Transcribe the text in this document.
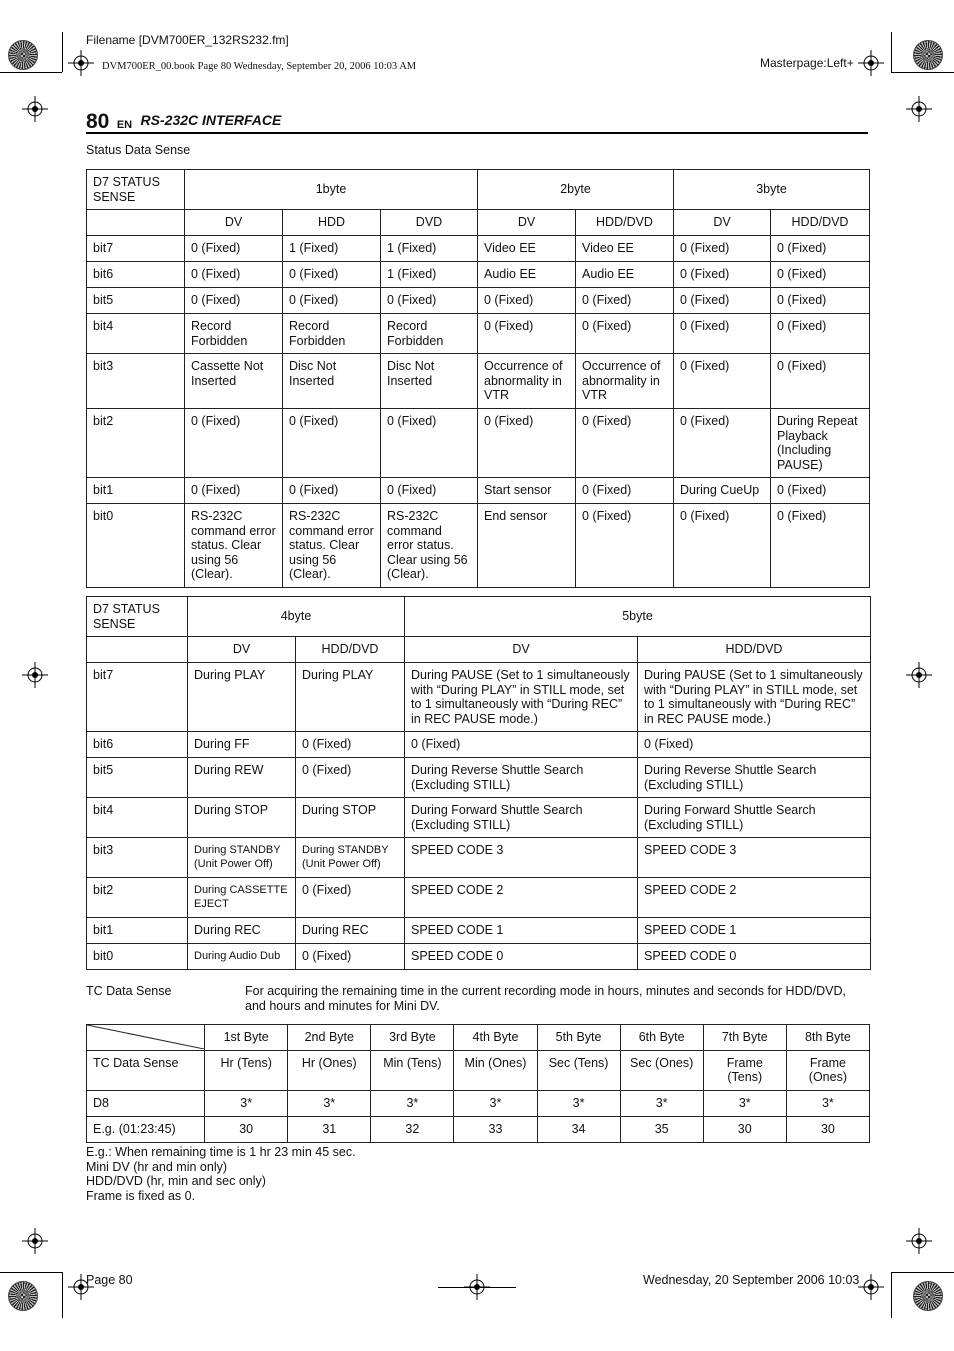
Filename [DVM700ER_132RS232.fm]
DVM700ER_00.book Page 80 Wednesday, September 20, 2006 10:03 AM	Masterpage:Left+
80 EN RS-232C INTERFACE
Status Data Sense
D7 STATUS SENSE	1byte			2byte		3byte	
	DV	HDD	DVD	DV	HDD/DVD	DV	HDD/DVD
bit7	0 (Fixed)	1 (Fixed)	1 (Fixed)	Video EE	Video EE	0 (Fixed)	0 (Fixed)
bit6	0 (Fixed)	0 (Fixed)	1 (Fixed)	Audio EE	Audio EE	0 (Fixed)	0 (Fixed)
bit5	0 (Fixed)	0 (Fixed)	0 (Fixed)	0 (Fixed)	0 (Fixed)	0 (Fixed)	0 (Fixed)
bit4	Record Forbidden	Record Forbidden	Record Forbidden	0 (Fixed)	0 (Fixed)	0 (Fixed)	0 (Fixed)
bit3	Cassette Not Inserted	Disc Not Inserted	Disc Not Inserted	Occurrence of abnormality in VTR	Occurrence of abnormality in VTR	0 (Fixed)	0 (Fixed)
bit2	0 (Fixed)	0 (Fixed)	0 (Fixed)	0 (Fixed)	0 (Fixed)	0 (Fixed)	During Repeat Playback (Including PAUSE)
bit1	0 (Fixed)	0 (Fixed)	0 (Fixed)	Start sensor	0 (Fixed)	During CueUp	0 (Fixed)
bit0	RS-232C command error status. Clear using 56 (Clear).	RS-232C command error status. Clear using 56 (Clear).	RS-232C command error status. Clear using 56 (Clear).	End sensor	0 (Fixed)	0 (Fixed)	0 (Fixed)
D7 STATUS SENSE	4byte		5byte	
	DV	HDD/DVD	DV	HDD/DVD
bit7	During PLAY	During PLAY	During PAUSE (Set to 1 simultaneously with “During PLAY” in STILL mode, set to 1 simultaneously with “During REC” in REC PAUSE mode.)	During PAUSE (Set to 1 simultaneously with “During PLAY” in STILL mode, set to 1 simultaneously with “During REC” in REC PAUSE mode.)
bit6	During FF	0 (Fixed)	0 (Fixed)	0 (Fixed)
bit5	During REW	0 (Fixed)	During Reverse Shuttle Search (Excluding STILL)	During Reverse Shuttle Search (Excluding STILL)
bit4	During STOP	During STOP	During Forward Shuttle Search (Excluding STILL)	During Forward Shuttle Search (Excluding STILL)
bit3	During STANDBY (Unit Power Off)	During STANDBY (Unit Power Off)	SPEED CODE 3	SPEED CODE 3
bit2	During CASSETTE EJECT	0 (Fixed)	SPEED CODE 2	SPEED CODE 2
bit1	During REC	During REC	SPEED CODE 1	SPEED CODE 1
bit0	During Audio Dub	0 (Fixed)	SPEED CODE 0	SPEED CODE 0
TC Data Sense	For acquiring the remaining time in the current recording mode in hours, minutes and seconds for HDD/DVD, and hours and minutes for Mini DV.
	1st Byte	2nd Byte	3rd Byte	4th Byte	5th Byte	6th Byte	7th Byte	8th Byte
TC Data Sense	Hr (Tens)	Hr (Ones)	Min (Tens)	Min (Ones)	Sec (Tens)	Sec (Ones)	Frame (Tens)	Frame (Ones)
D8	3*	3*	3*	3*	3*	3*	3*	3*
E.g. (01:23:45)	30	31	32	33	34	35	30	30
E.g.: When remaining time is 1 hr 23 min 45 sec.
Mini DV (hr and min only)
HDD/DVD (hr, min and sec only)
Frame is fixed as 0.
Page 80	Wednesday, 20 September 2006 10:03
